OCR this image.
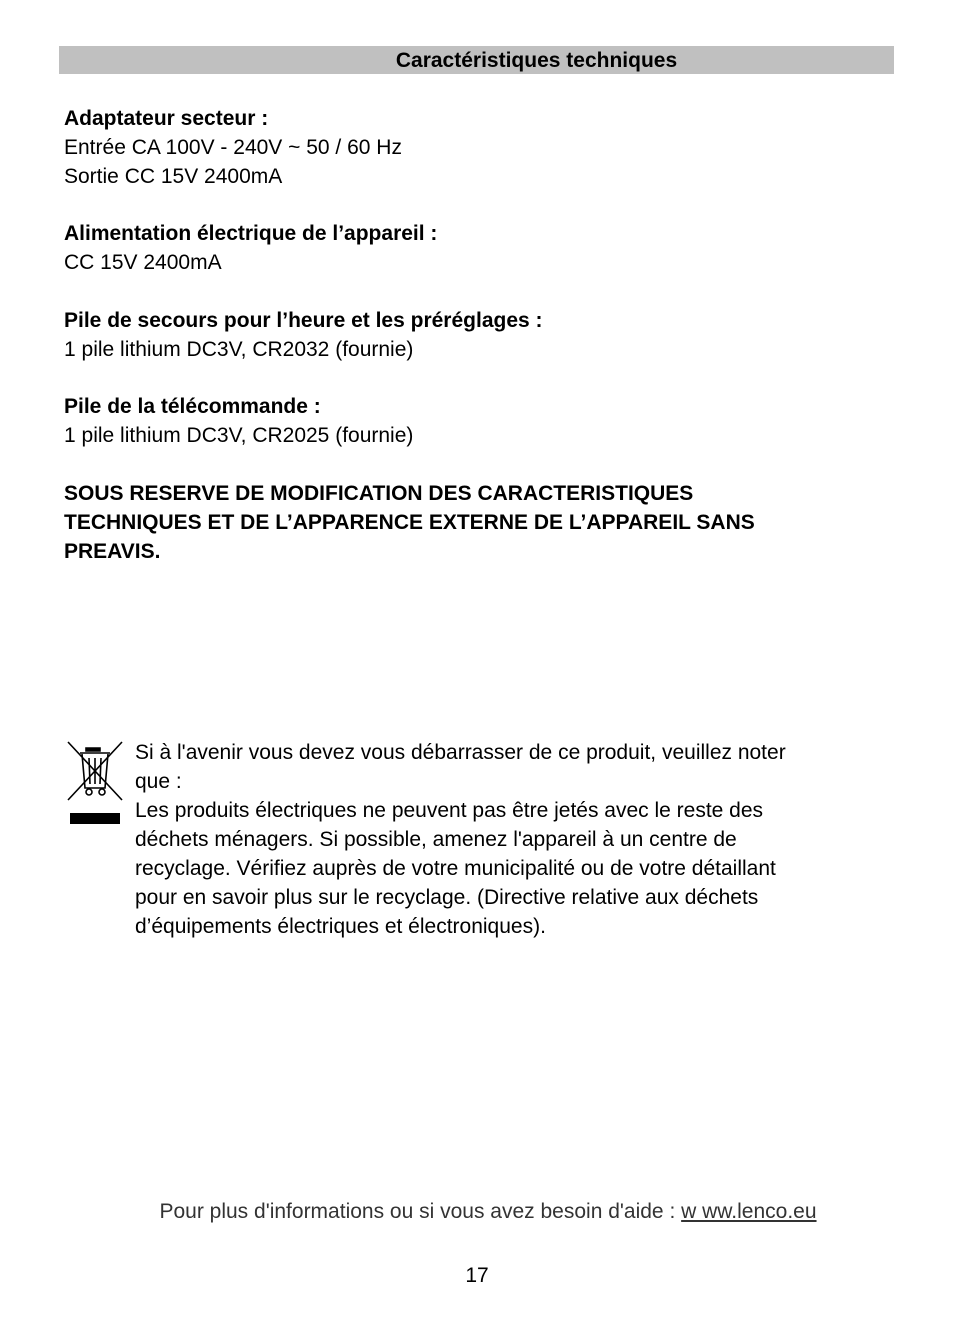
Caractéristiques techniques
Adaptateur secteur :
Entrée CA 100V - 240V ~ 50 / 60 Hz
Sortie CC 15V 2400mA
Alimentation électrique de l’appareil :
CC 15V 2400mA
Pile de secours pour l’heure et les préréglages :
1 pile lithium DC3V, CR2032 (fournie)
Pile de la télécommande :
1 pile lithium DC3V, CR2025 (fournie)
SOUS RESERVE DE MODIFICATION DES CARACTERISTIQUES
TECHNIQUES ET DE L’APPARENCE EXTERNE DE L’APPAREIL SANS
PREAVIS.
Si à l'avenir vous devez vous débarrasser de ce produit, veuillez noter
que :
Les produits électriques ne peuvent pas être jetés avec le reste des
déchets ménagers. Si possible, amenez l'appareil à un centre de
recyclage. Vérifiez auprès de votre municipalité ou de votre détaillant
pour en savoir plus sur le recyclage. (Directive relative aux déchets
d’équipements électriques et électroniques).
Pour plus d'informations ou si vous avez besoin d'aide : w ww.lenco.eu
17
